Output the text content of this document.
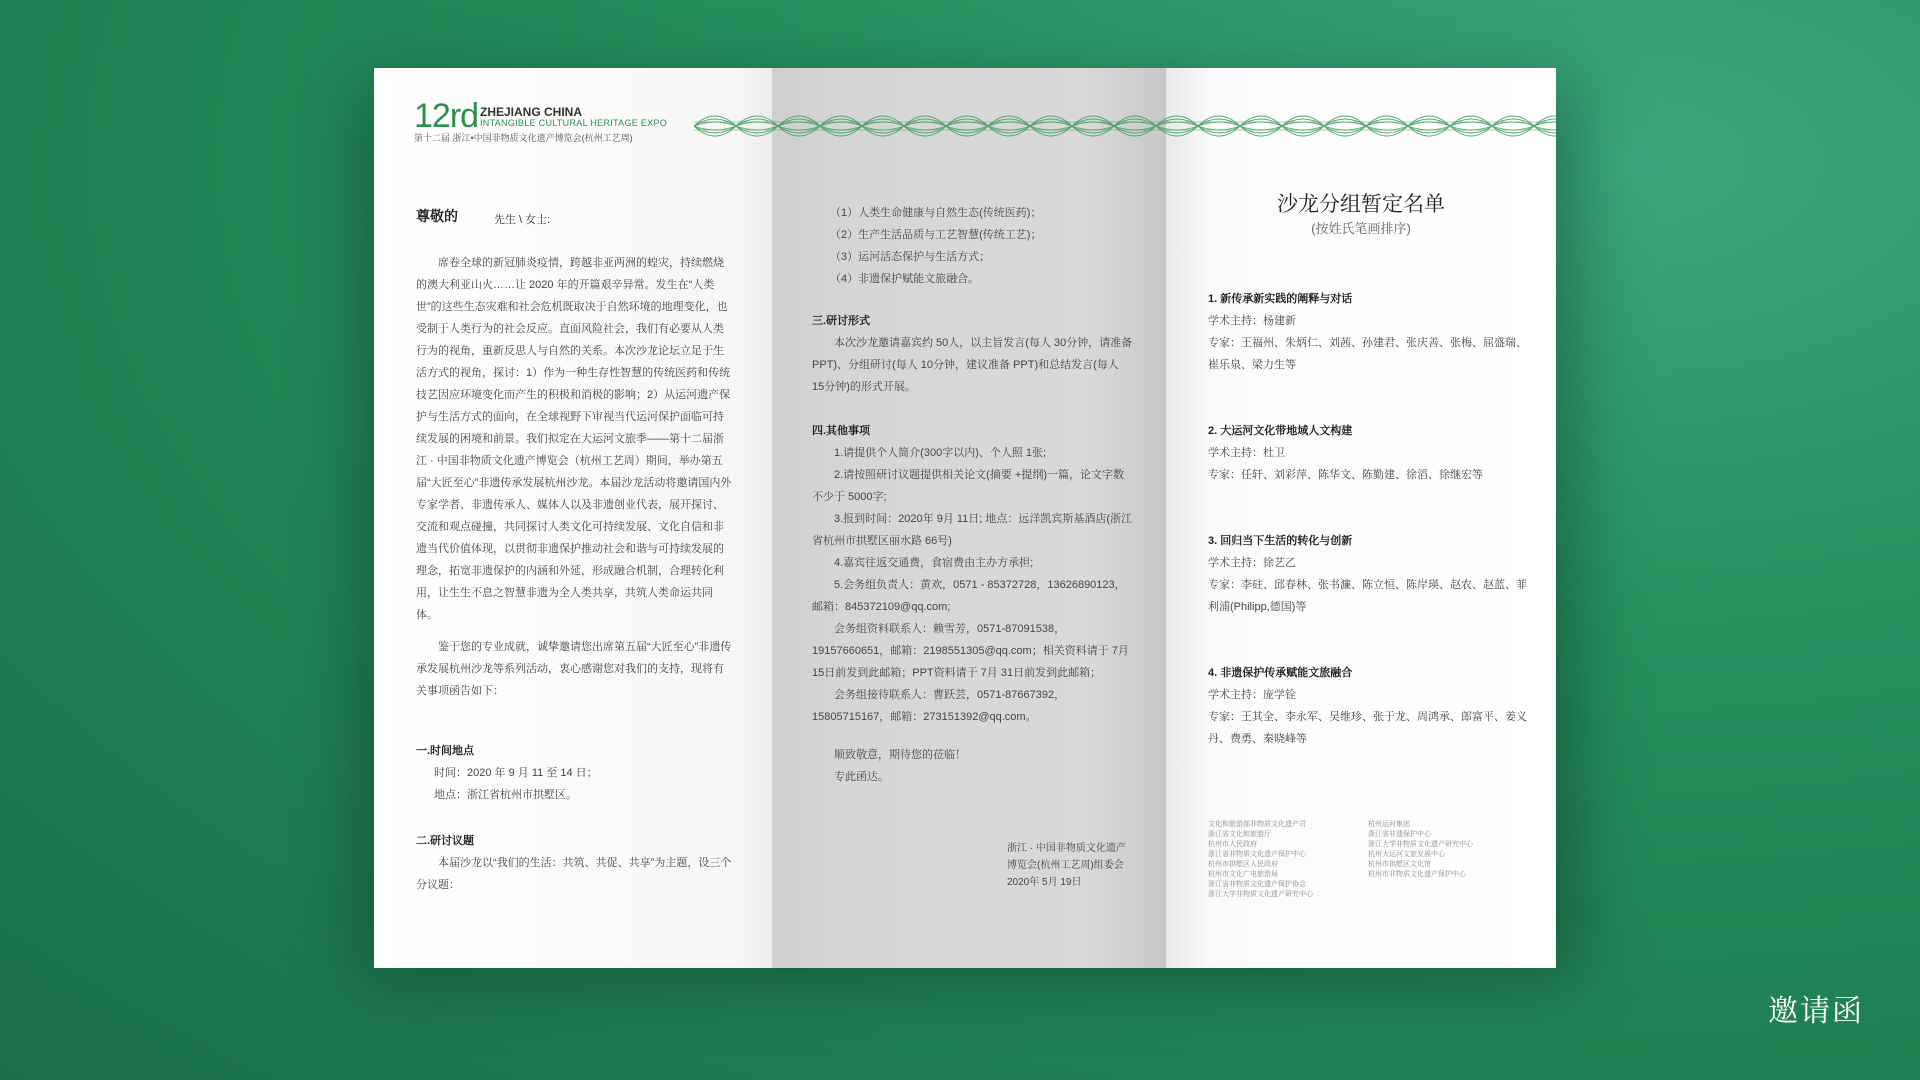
12rd ZHEJIANG CHINA
INTANGIBLE CULTURAL HERITAGE EXPO
第十二届 浙江•中国非物质文化遗产博览会(杭州工艺周)
尊敬的	先生 \ 女士:

席卷全球的新冠肺炎疫情，跨越非亚两洲的蝗灾，持续燃烧的澳大利亚山火……让 2020 年的开篇艰辛异常。发生在“人类世”的这些生态灾难和社会危机既取决于自然环境的地理变化，也受制于人类行为的社会反应。直面风险社会，我们有必要从人类行为的视角，重新反思人与自然的关系。本次沙龙论坛立足于生活方式的视角，探讨：1）作为一种生存性智慧的传统医药和传统技艺因应环境变化而产生的积极和消极的影响；2）从运河遗产保护与生活方式的面向，在全球视野下审视当代运河保护面临可持续发展的困境和前景。我们拟定在大运河文旅季——第十二届浙江 · 中国非物质文化遗产博览会（杭州工艺周）期间，举办第五届“大匠至心”非遗传承发展杭州沙龙。本届沙龙活动将邀请国内外专家学者、非遗传承人、媒体人以及非遗创业代表，展开探讨、交流和观点碰撞，共同探讨人类文化可持续发展、文化自信和非遗当代价值体现，以贯彻非遗保护推动社会和谐与可持续发展的理念，拓宽非遗保护的内涵和外延，形成融合机制，合理转化利用，让生生不息之智慧非遗为全人类共享，共筑人类命运共同体。

鉴于您的专业成就，诚挚邀请您出席第五届“大匠至心”非遗传承发展杭州沙龙等系列活动，衷心感谢您对我们的支持，现将有关事项函告如下：

一.时间地点
时间：2020 年 9 月 11 至 14 日；
地点：浙江省杭州市拱墅区。
二.研讨议题

本届沙龙以“我们的生活：共筑、共促、共享”为主题，设三个分议题：

（1）人类生命健康与自然生态(传统医药)；
（2）生产生活品质与工艺智慧(传统工艺)；
（3）运河活态保护与生活方式；
（4）非遗保护赋能文旅融合。
三.研讨形式

本次沙龙邀请嘉宾约 50人，以主旨发言(每人 30分钟，请准备 PPT)、分组研讨(每人 10分钟，建议准备 PPT)和总结发言(每人 15分钟)的形式开展。

四.其他事项

1.请提供个人简介(300字以内)、个人照 1张;

2.请按照研讨议题提供相关论文(摘要 +提纲)一篇，论文字数不少于 5000字;

3.报到时间：2020年 9月 11日; 地点：远洋凯宾斯基酒店(浙江省杭州市拱墅区丽水路 66号)

4.嘉宾往返交通费，食宿费由主办方承担;

5.会务组负责人：黄欢，0571 - 85372728，13626890123，邮箱：845372109@qq.com;

会务组资料联系人：赖雪芳，0571-87091538，19157660651，邮箱：2198551305@qq.com；相关资料请于 7月 15日前发到此邮箱；PPT资料请于 7月 31日前发到此邮箱；

会务组接待联系人：曹跃芸，0571-87667392，15805715167，邮箱：273151392@qq.com。

顺致敬意，期待您的莅临！

专此函达。

浙江 · 中国非物质文化遗产
博览会(杭州工艺周)组委会
2020年 5月 19日
沙龙分组暂定名单
(按姓氏笔画排序)
1. 新传承新实践的阐释与对话
学术主持：杨建新
专家：王福州、朱炳仁、刘茜、孙建君、张庆善、张梅、屈盛瑞、崔乐泉、梁力生等
2. 大运河文化带地域人文构建
学术主持：杜卫
专家：任轩、刘彩萍、陈华文、陈勤建、徐滔、徐继宏等
3. 回归当下生活的转化与创新
学术主持：徐艺乙
专家：李砫、邱春林、张书濂、陈立恒、陈岸瑛、赵农、赵蓝、菲利浦(Philipp,德国)等
4. 非遗保护传承赋能文旅融合
学术主持：庞学铨
专家：王其全、李永军、吴维珍、张于龙、周鸿承、郎富平、姜义丹、费勇、秦晓峰等
文化和旅游部非物质文化遗产司
浙江省文化和旅游厅
杭州市人民政府
浙江省非物质文化遗产保护中心
杭州市拱墅区人民政府
杭州市文化广电旅游局
浙江省非物质文化遗产保护协会
浙江大学非物质文化遗产研究中心
杭州运河集团
浙江省非遗保护中心
浙江大学非物质文化遗产研究中心
杭州大运河文旅发展中心
杭州市拱墅区文化馆
杭州市非物质文化遗产保护中心
邀请函
